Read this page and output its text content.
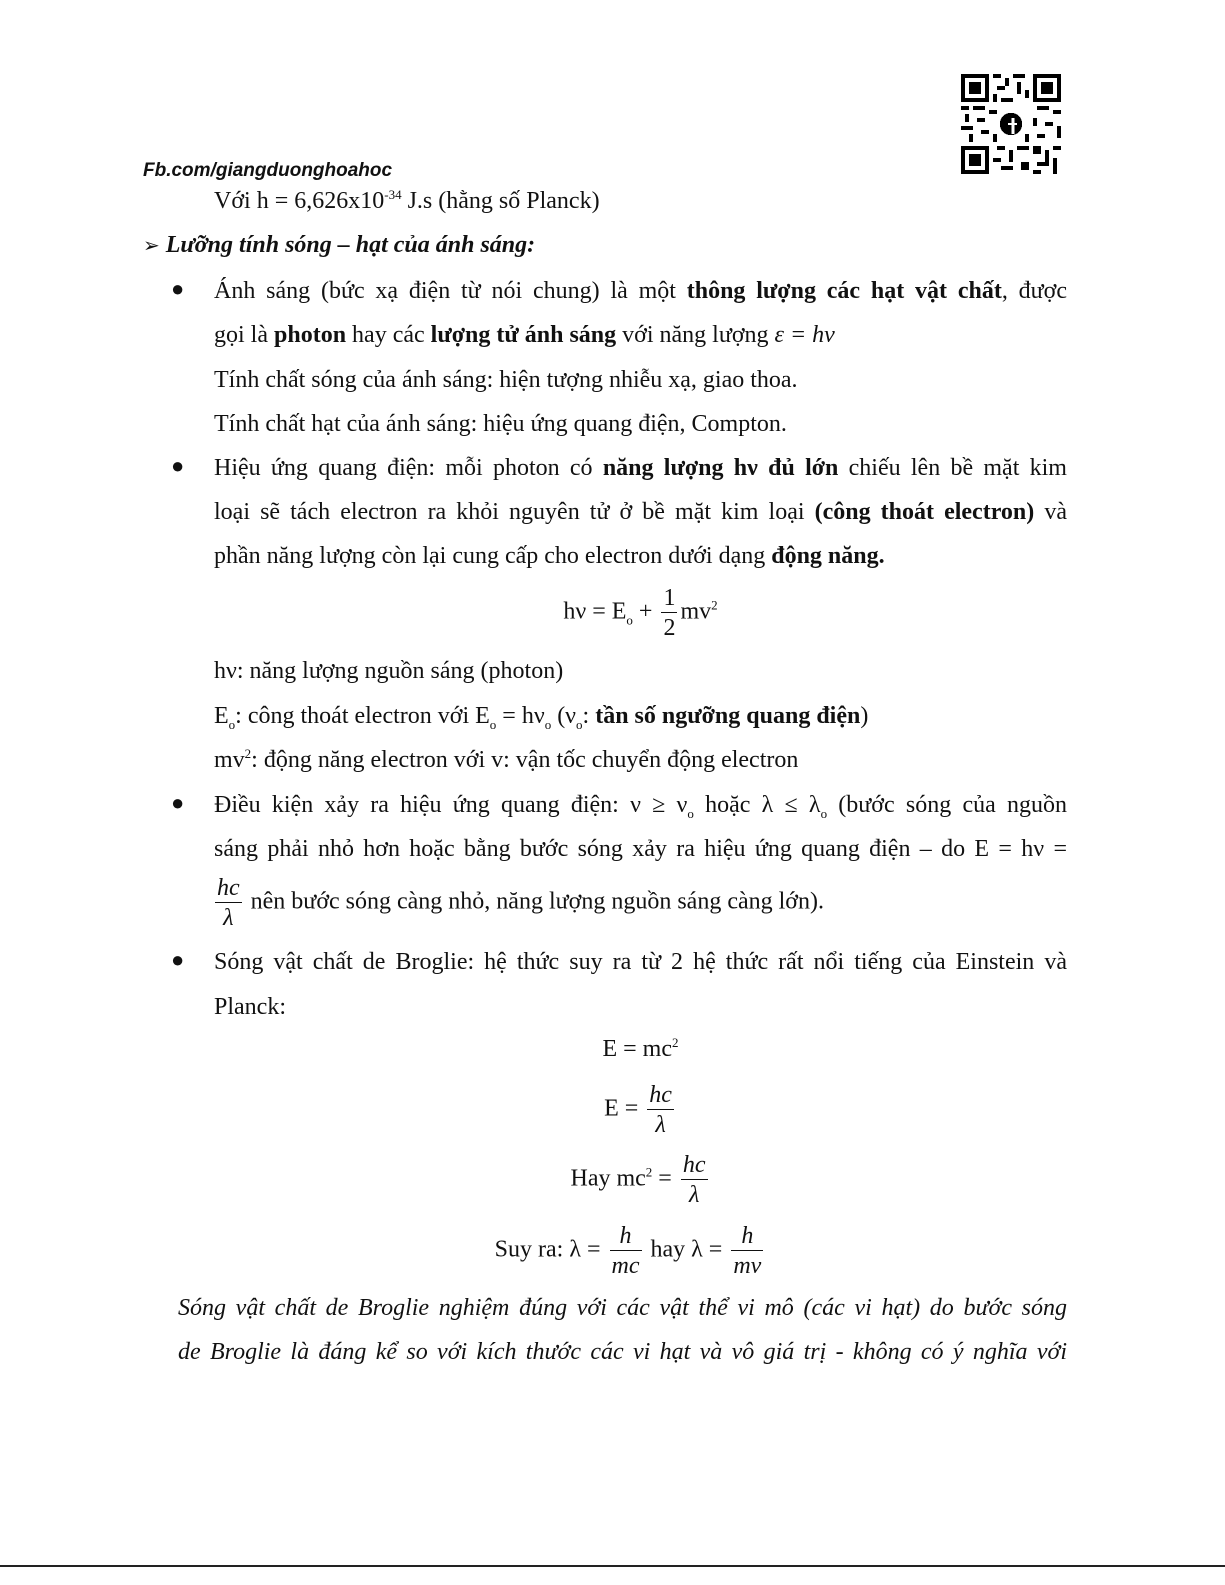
Fb.com/giangduonghoahoc
Với $h = 6,626x10^{-34}$ J.s (hằng số Planck)
➢ Lưỡng tính sóng – hạt của ánh sáng:
● Ánh sáng (bức xạ điện từ nói chung) là một thông lượng các hạt vật chất, được
gọi là photon hay các lượng tử ánh sáng với năng lượng ε = hν
Tính chất sóng của ánh sáng: hiện tượng nhiễu xạ, giao thoa.
Tính chất hạt của ánh sáng: hiệu ứng quang điện, Compton.
● Hiệu ứng quang điện: mỗi photon có năng lượng hν đủ lớn chiếu lên bề mặt kim
loại sẽ tách electron ra khỏi nguyên tử ở bề mặt kim loại (công thoát electron) và
phần năng lượng còn lại cung cấp cho electron dưới dạng động năng.
$h\nu = E_o + \frac{1}{2} mv^2$
hν: năng lượng nguồn sáng (photon)
$E_o$: công thoát electron với $E_o = h\nu_o$ ($\nu_o$: tần số ngưỡng quang điện)
$mv^2$: động năng electron với v: vận tốc chuyển động electron
● Điều kiện xảy ra hiệu ứng quang điện: $\nu \ge \nu_o$ hoặc $\lambda \le \lambda_o$ (bước sóng của nguồn
sáng phải nhỏ hơn hoặc bằng bước sóng xảy ra hiệu ứng quang điện – do E = hν =
$\frac{hc}{\lambda}$ nên bước sóng càng nhỏ, năng lượng nguồn sáng càng lớn).
● Sóng vật chất de Broglie: hệ thức suy ra từ 2 hệ thức rất nổi tiếng của Einstein và
Planck:
$E = mc^2$
$E = \frac{hc}{\lambda}$
Hay $mc^2 = \frac{hc}{\lambda}$
Suy ra: $\lambda = \frac{h}{mc}$ hay $\lambda = \frac{h}{mv}$
Sóng vật chất de Broglie nghiệm đúng với các vật thể vi mô (các vi hạt) do bước sóng
de Broglie là đáng kể so với kích thước các vi hạt và vô giá trị - không có ý nghĩa với
